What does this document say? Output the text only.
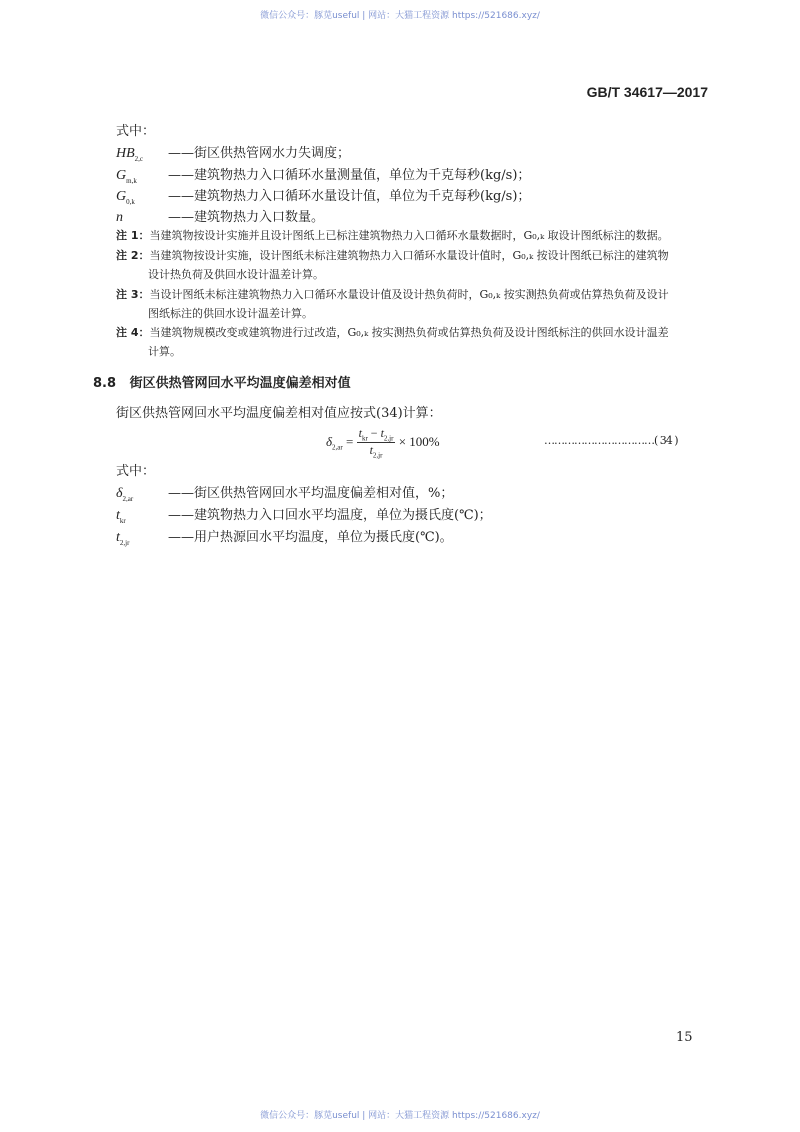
微信公众号：豚苋useful | 网站：大猫工程资源 https://521686.xyz/
GB/T 34617—2017
式中：
$HB_{2,c}$ ——街区供热管网水力失调度；
$G_{m,k}$ ——建筑物热力入口循环水量测量值，单位为千克每秒(kg/s)；
$G_{0,k}$	——建筑物热力入口循环水量设计值，单位为千克每秒(kg/s)；
n	——建筑物热力入口数量。
注 1：当建筑物按设计实施并且设计图纸上已标注建筑物热力入口循环水量数据时，G₀,ₖ 取设计图纸标注的数据。
注 2：当建筑物按设计实施，设计图纸未标注建筑物热力入口循环水量设计值时，G₀,ₖ 按设计图纸已标注的建筑物
设计热负荷及供回水设计温差计算。
注 3：当设计图纸未标注建筑物热力入口循环水量设计值及设计热负荷时，G₀,ₖ 按实测热负荷或估算热负荷及设计
图纸标注的供回水设计温差计算。
注 4：当建筑物规模改变或建筑物进行过改造，G₀,ₖ 按实测热负荷或估算热负荷及设计图纸标注的供回水设计温差
计算。
8.8 街区供热管网回水平均温度偏差相对值
街区供热管网回水平均温度偏差相对值应按式(34)计算：
$\delta_{2,ar} = \frac{t_{kr} - t_{2,jr}}{t_{2,jr}} \times 100\%$	……………………………( 34 )
式中：
$\delta_{2,ar}$	——街区供热管网回水平均温度偏差相对值，%；
$t_{kr}$	——建筑物热力入口回水平均温度，单位为摄氏度(℃)；
$t_{2,jr}$	——用户热源回水平均温度，单位为摄氏度(℃)。
15
微信公众号：豚苋useful | 网站：大猫工程资源 https://521686.xyz/
